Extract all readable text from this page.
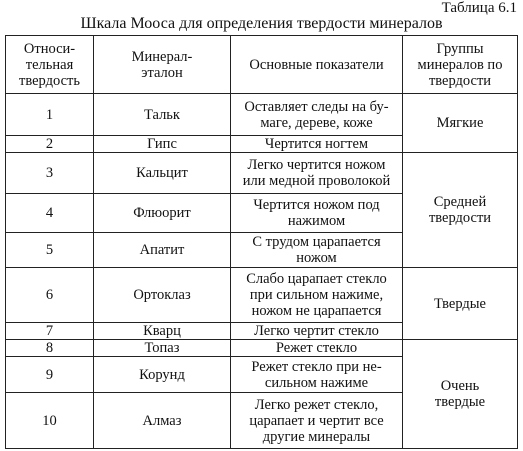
Таблица 6.1
Шкала Мооса для определения твердости минералов
Относи-
тельная
твердость	Минерал-
эталон	Основные показатели	Группы
минералов по
твердости
1	Тальк	Оставляет следы на бу-
маге, дереве, коже	Мягкие
2	Гипс	Чертится ногтем	
3	Кальцит	Легко чертится ножом
или медной проволокой	Средней
твердости
4	Флюорит	Чертится ножом под
нажимом	
5	Апатит	С трудом царапается
ножом	
6	Ортоклаз	Слабо царапает стекло
при сильном нажиме,
ножом не царапается	Твердые
7	Кварц	Легко чертит стекло	
8	Топаз	Режет стекло	Очень
твердые
9	Корунд	Режет стекло при не-
сильном нажиме	
10	Алмаз	Легко режет стекло,
царапает и чертит все
другие минералы	
